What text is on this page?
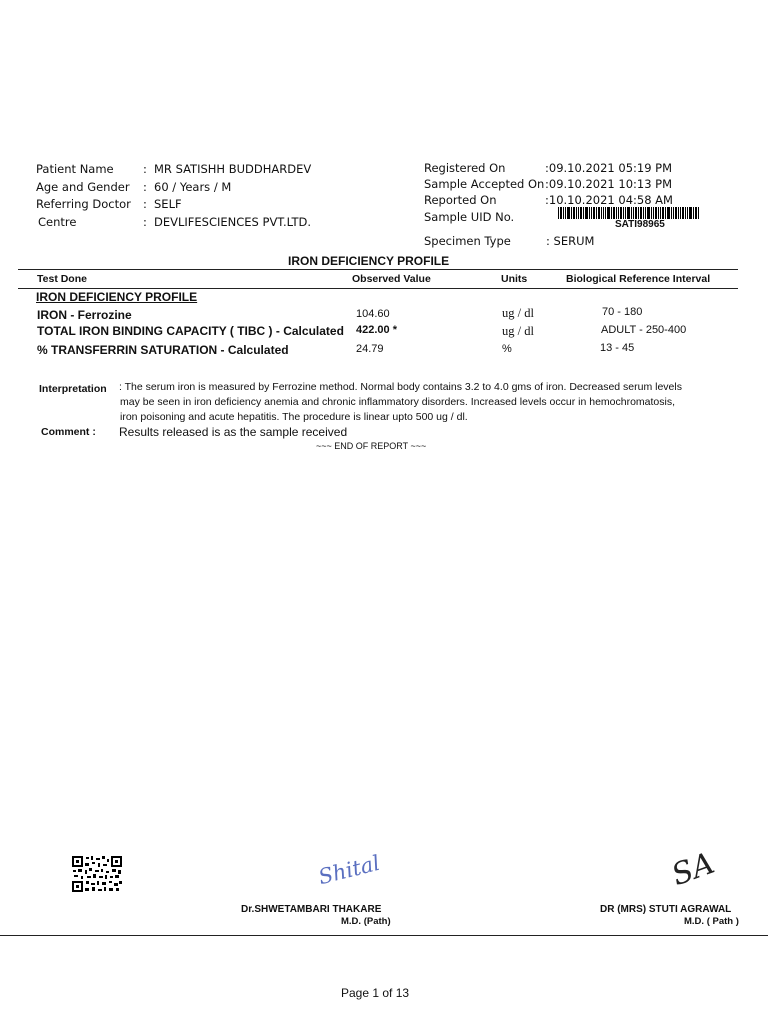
Patient Name	: MR SATISHH BUDDHARDEV
Age and Gender : 60 / Years / M
Referring Doctor : SELF
Centre	: DEVLIFESCIENCES PVT.LTD.
Registered On	:09.10.2021 05:19 PM
Sample Accepted On :09.10.2021 10:13 PM
Reported On	:10.10.2021 04:58 AM
Sample UID No.
SATI98965
Specimen Type	: SERUM
IRON DEFICIENCY PROFILE
Test Done	Observed Value	Units	Biological Reference Interval
IRON DEFICIENCY PROFILE
IRON - Ferrozine	104.60	ug / dl	70 - 180
TOTAL IRON BINDING CAPACITY ( TIBC ) - Calculated 422.00 *	ug / dl	ADULT - 250-400
% TRANSFERRIN SATURATION - Calculated	24.79	%	13 - 45
Interpretation : The serum iron is measured by Ferrozine method. Normal body contains 3.2 to 4.0 gms of iron. Decreased serum levels
may be seen in iron deficiency anemia and chronic inflammatory disorders. Increased levels occur in hemochromatosis,
iron poisoning and acute hepatitis. The procedure is linear upto 500 ug / dl.
Comment : Results released is as the sample received
~~~ END OF REPORT ~~~
Shital
Dr.SHWETAMBARI THAKARE
M.D. (Path)
SA
DR (MRS) STUTI AGRAWAL
M.D. ( Path )
Page 1 of 13
